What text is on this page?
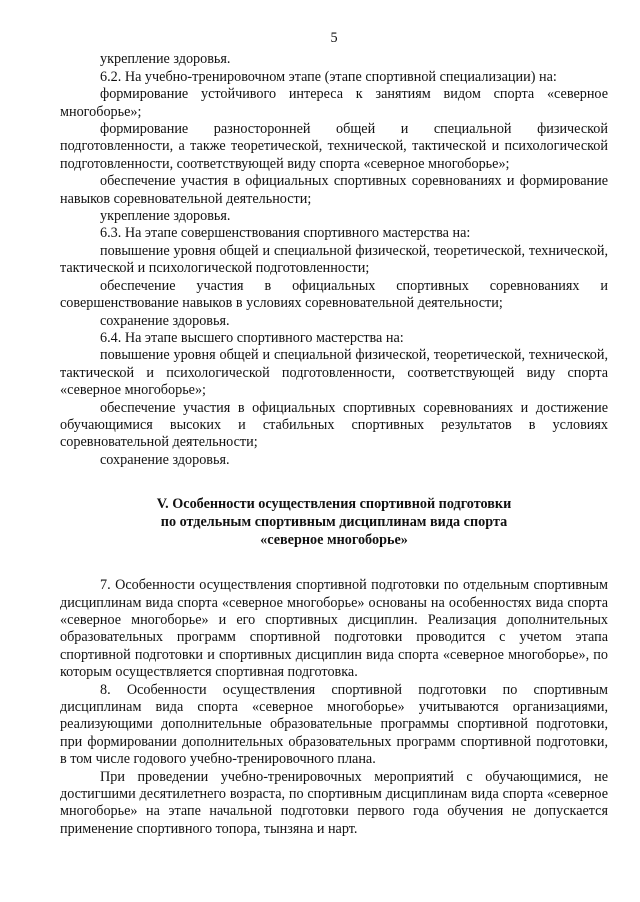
5

укрепление здоровья.

6.2. На учебно-тренировочном этапе (этапе спортивной специализации) на:

формирование устойчивого интереса к занятиям видом спорта «северное многоборье»;

формирование разносторонней общей и специальной физической подготовленности, а также теоретической, технической, тактической и психологической подготовленности, соответствующей виду спорта «северное многоборье»;

обеспечение участия в официальных спортивных соревнованиях и формирование навыков соревновательной деятельности;

укрепление здоровья.

6.3. На этапе совершенствования спортивного мастерства на:

повышение уровня общей и специальной физической, теоретической, технической, тактической и психологической подготовленности;

обеспечение участия в официальных спортивных соревнованиях и совершенствование навыков в условиях соревновательной деятельности;

сохранение здоровья.

6.4. На этапе высшего спортивного мастерства на:

повышение уровня общей и специальной физической, теоретической, технической, тактической и психологической подготовленности, соответствующей виду спорта «северное многоборье»;

обеспечение участия в официальных спортивных соревнованиях и достижение обучающимися высоких и стабильных спортивных результатов в условиях соревновательной деятельности;

сохранение здоровья.

V. Особенности осуществления спортивной подготовки
по отдельным спортивным дисциплинам вида спорта
«северное многоборье»

7. Особенности осуществления спортивной подготовки по отдельным спортивным дисциплинам вида спорта «северное многоборье» основаны на особенностях вида спорта «северное многоборье» и его спортивных дисциплин. Реализация дополнительных образовательных программ спортивной подготовки проводится с учетом этапа спортивной подготовки и спортивных дисциплин вида спорта «северное многоборье», по которым осуществляется спортивная подготовка.

8. Особенности осуществления спортивной подготовки по спортивным дисциплинам вида спорта «северное многоборье» учитываются организациями, реализующими дополнительные образовательные программы спортивной подготовки, при формировании дополнительных образовательных программ спортивной подготовки, в том числе годового учебно-тренировочного плана.

При проведении учебно-тренировочных мероприятий с обучающимися, не достигшими десятилетнего возраста, по спортивным дисциплинам вида спорта «северное многоборье» на этапе начальной подготовки первого года обучения не допускается применение спортивного топора, тынзяна и нарт.
